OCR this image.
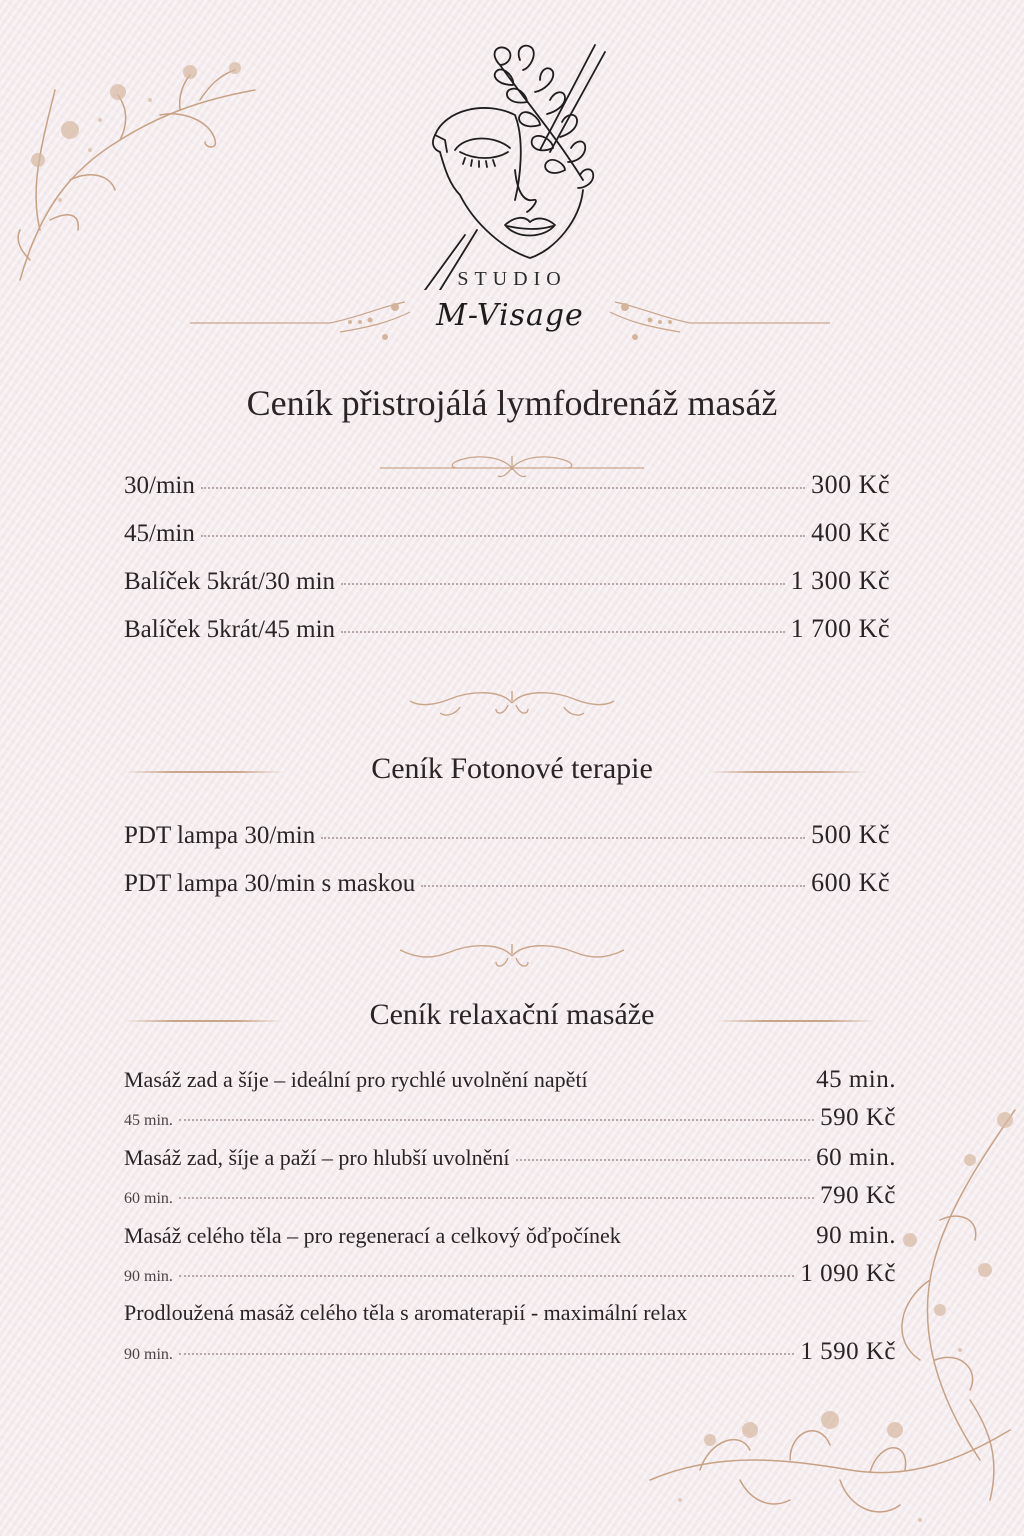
STUDIO
M-Visage
Ceník přistrojálá lymfodrenáž masáž
30/min	300 Kč
45/min	400 Kč
Balíček 5krát/30 min	1 300 Kč
Balíček 5krát/45 min	1 700 Kč
Ceník Fotonové terapie
PDT lampa 30/min	500 Kč
PDT lampa 30/min s maskou	600 Kč
Ceník relaxační masáže
Masáž zad a šíje – ideální pro rychlé uvolnění napětí	45 min.
45 min.	590 Kč
Masáž zad, šíje a paží – pro hlubší uvolnění	60 min.
60 min.	790 Kč
Masáž celého těla – pro regenerací a celkový ǒďpočínek	90 min.
90 min.	1 090 Kč
Prodloužená masáž celého těla s aromaterapií - maximální relax
90 min.	1 590 Kč
